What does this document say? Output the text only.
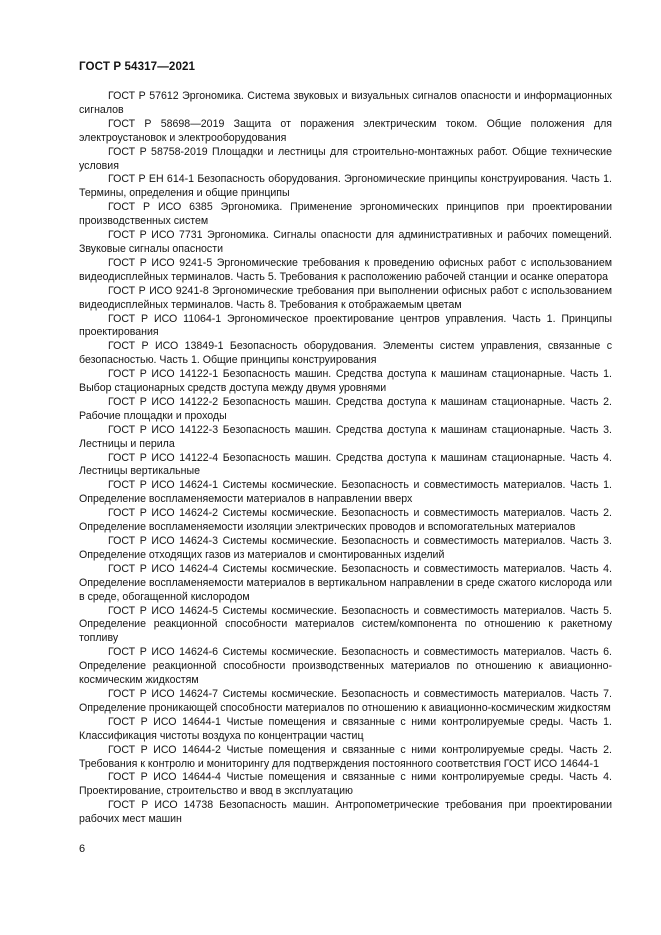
ГОСТ Р 54317—2021

ГОСТ Р 57612 Эргономика. Система звуковых и визуальных сигналов опасности и информационных сигналов

ГОСТ Р 58698—2019 Защита от поражения электрическим током. Общие положения для электроустановок и электрооборудования

ГОСТ Р 58758-2019 Площадки и лестницы для строительно-монтажных работ. Общие технические условия

ГОСТ Р ЕН 614-1 Безопасность оборудования. Эргономические принципы конструирования. Часть 1. Термины, определения и общие принципы

ГОСТ Р ИСО 6385 Эргономика. Применение эргономических принципов при проектировании производственных систем

ГОСТ Р ИСО 7731 Эргономика. Сигналы опасности для административных и рабочих помещений. Звуковые сигналы опасности

ГОСТ Р ИСО 9241-5 Эргономические требования к проведению офисных работ с использованием видеодисплейных терминалов. Часть 5. Требования к расположению рабочей станции и осанке оператора

ГОСТ Р ИСО 9241-8 Эргономические требования при выполнении офисных работ с использованием видеодисплейных терминалов. Часть 8. Требования к отображаемым цветам

ГОСТ Р ИСО 11064-1 Эргономическое проектирование центров управления. Часть 1. Принципы проектирования

ГОСТ Р ИСО 13849-1 Безопасность оборудования. Элементы систем управления, связанные с безопасностью. Часть 1. Общие принципы конструирования

ГОСТ Р ИСО 14122-1 Безопасность машин. Средства доступа к машинам стационарные. Часть 1. Выбор стационарных средств доступа между двумя уровнями

ГОСТ Р ИСО 14122-2 Безопасность машин. Средства доступа к машинам стационарные. Часть 2. Рабочие площадки и проходы

ГОСТ Р ИСО 14122-3 Безопасность машин. Средства доступа к машинам стационарные. Часть 3. Лестницы и перила

ГОСТ Р ИСО 14122-4 Безопасность машин. Средства доступа к машинам стационарные. Часть 4. Лестницы вертикальные

ГОСТ Р ИСО 14624-1 Системы космические. Безопасность и совместимость материалов. Часть 1. Определение воспламеняемости материалов в направлении вверх

ГОСТ Р ИСО 14624-2 Системы космические. Безопасность и совместимость материалов. Часть 2. Определение воспламеняемости изоляции электрических проводов и вспомогательных материалов

ГОСТ Р ИСО 14624-3 Системы космические. Безопасность и совместимость материалов. Часть 3. Определение отходящих газов из материалов и смонтированных изделий

ГОСТ Р ИСО 14624-4 Системы космические. Безопасность и совместимость материалов. Часть 4. Определение воспламеняемости материалов в вертикальном направлении в среде сжатого кислорода или в среде, обогащенной кислородом

ГОСТ Р ИСО 14624-5 Системы космические. Безопасность и совместимость материалов. Часть 5. Определение реакционной способности материалов систем/компонента по отношению к ракетному топливу

ГОСТ Р ИСО 14624-6 Системы космические. Безопасность и совместимость материалов. Часть 6. Определение реакционной способности производственных материалов по отношению к авиационно-космическим жидкостям

ГОСТ Р ИСО 14624-7 Системы космические. Безопасность и совместимость материалов. Часть 7. Определение проникающей способности материалов по отношению к авиационно-космическим жидкостям

ГОСТ Р ИСО 14644-1 Чистые помещения и связанные с ними контролируемые среды. Часть 1. Классификация чистоты воздуха по концентрации частиц

ГОСТ Р ИСО 14644-2 Чистые помещения и связанные с ними контролируемые среды. Часть 2. Требования к контролю и мониторингу для подтверждения постоянного соответствия ГОСТ ИСО 14644-1

ГОСТ Р ИСО 14644-4 Чистые помещения и связанные с ними контролируемые среды. Часть 4. Проектирование, строительство и ввод в эксплуатацию

ГОСТ Р ИСО 14738 Безопасность машин. Антропометрические требования при проектировании рабочих мест машин

6
